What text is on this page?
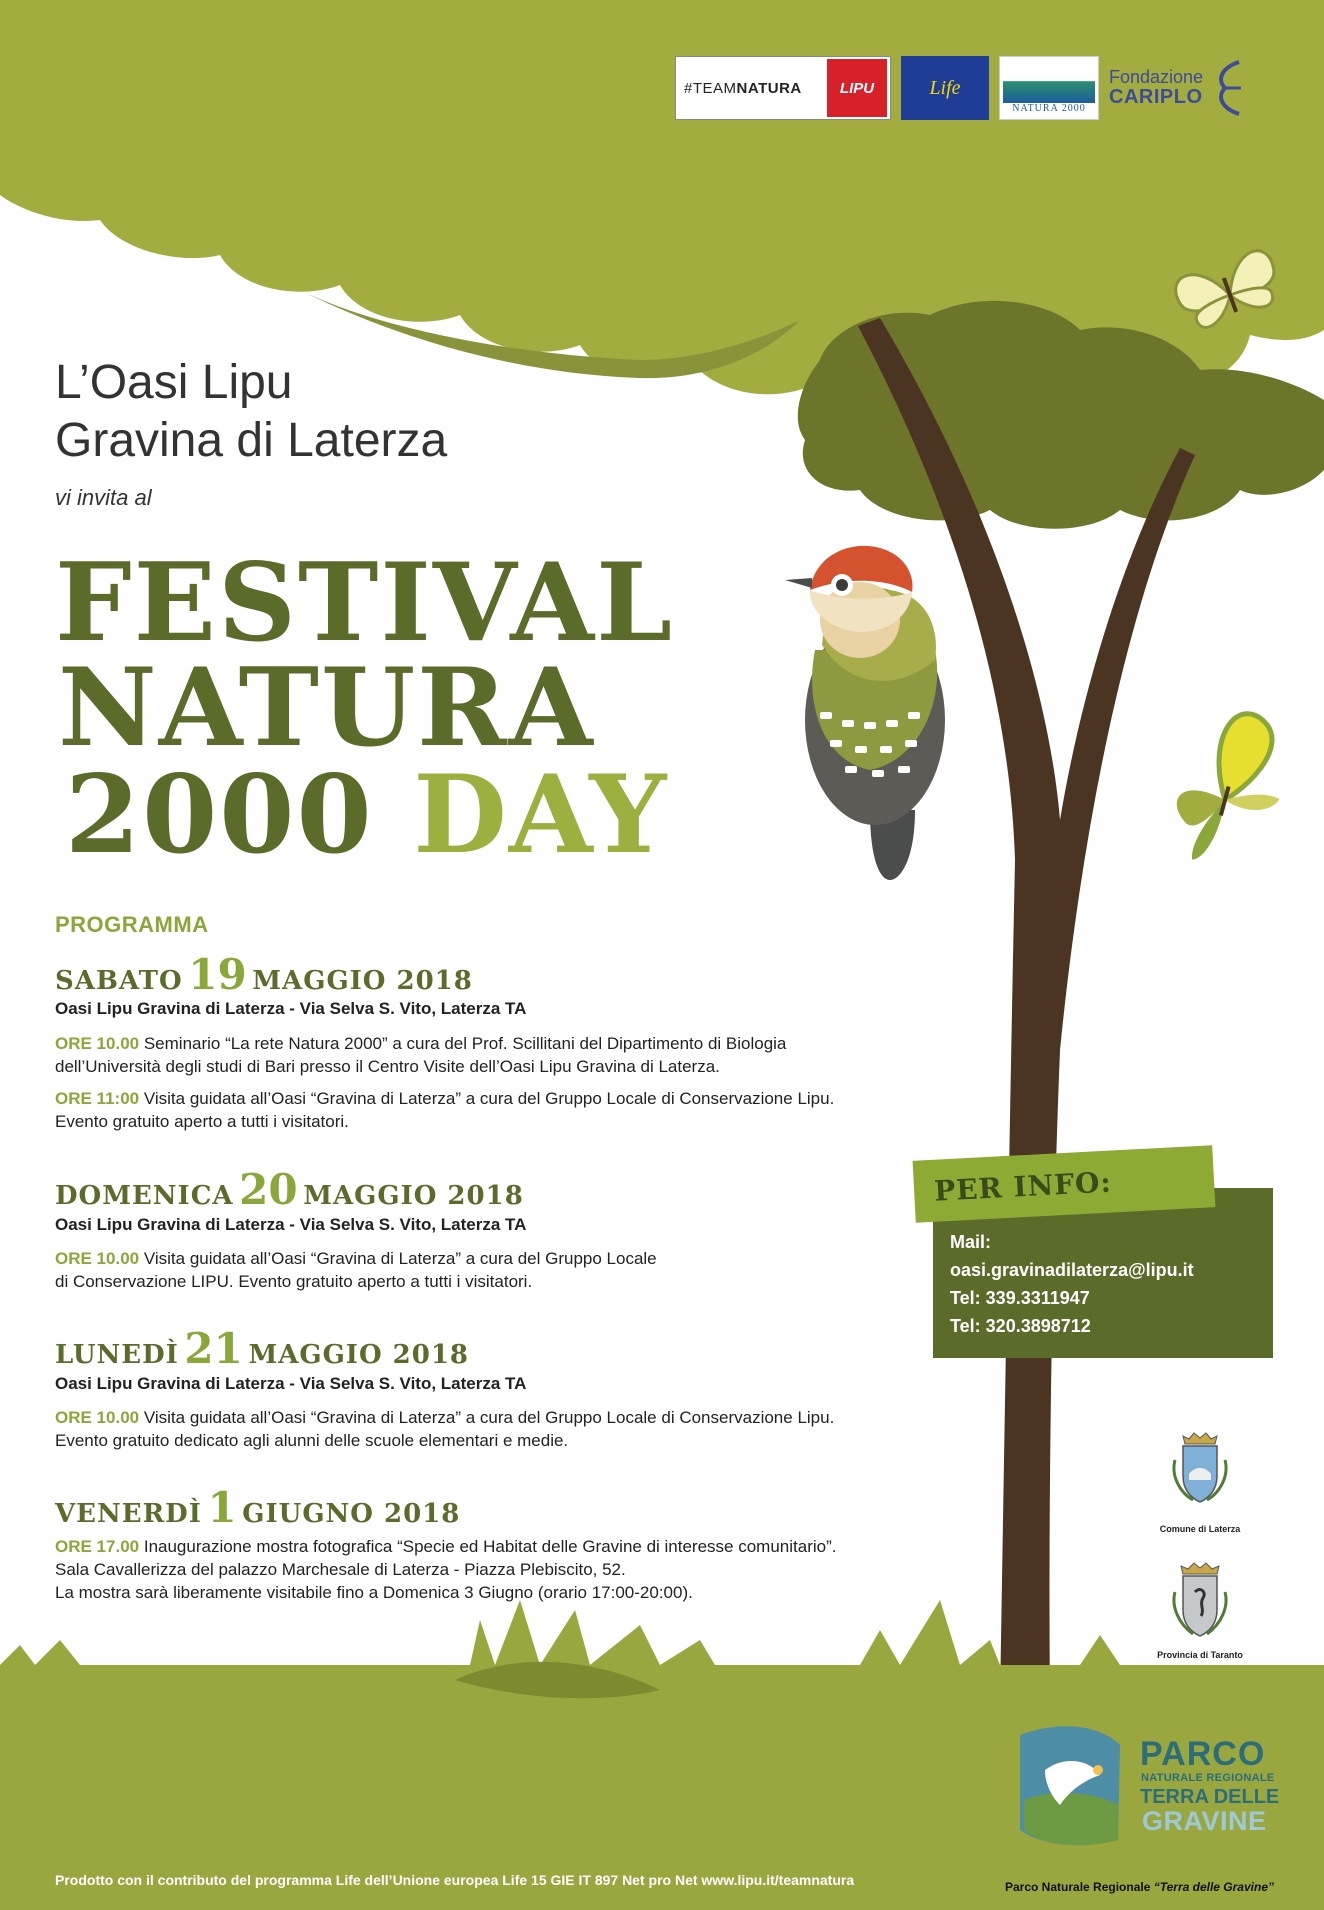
#TEAMNATURA	LIPU	Life
NATURA 2000
Fondazione
CARIPLO
L’Oasi Lipu
Gravina di Laterza
vi invita al
FESTIVAL
NATURA
2000 DAY
PROGRAMMA
SABATO 19 MAGGIO 2018
Oasi Lipu Gravina di Laterza - Via Selva S. Vito, Laterza TA
ORE 10.00 Seminario “La rete Natura 2000” a cura del Prof. Scillitani del Dipartimento di Biologia
dell’Università degli studi di Bari presso il Centro Visite dell’Oasi Lipu Gravina di Laterza.
ORE 11:00 Visita guidata all’Oasi “Gravina di Laterza” a cura del Gruppo Locale di Conservazione Lipu.
Evento gratuito aperto a tutti i visitatori.
DOMENICA 20 MAGGIO 2018
Oasi Lipu Gravina di Laterza - Via Selva S. Vito, Laterza TA
ORE 10.00 Visita guidata all’Oasi “Gravina di Laterza” a cura del Gruppo Locale
di Conservazione LIPU. Evento gratuito aperto a tutti i visitatori.
LUNEDÌ 21 MAGGIO 2018
Oasi Lipu Gravina di Laterza - Via Selva S. Vito, Laterza TA
ORE 10.00 Visita guidata all’Oasi “Gravina di Laterza” a cura del Gruppo Locale di Conservazione Lipu.
Evento gratuito dedicato agli alunni delle scuole elementari e medie.
VENERDÌ 1 GIUGNO 2018
ORE 17.00 Inaugurazione mostra fotografica “Specie ed Habitat delle Gravine di interesse comunitario”.
Sala Cavallerizza del palazzo Marchesale di Laterza - Piazza Plebiscito, 52.
La mostra sarà liberamente visitabile fino a Domenica 3 Giugno (orario 17:00-20:00).
PER INFO:
Mail:
oasi.gravinadilaterza@lipu.it
Tel: 339.3311947
Tel: 320.3898712
Comune di Laterza
Provincia di Taranto
PARCO
NATURALE REGIONALE
TERRA DELLE
GRAVINE
Parco Naturale Regionale “Terra delle Gravine”
Prodotto con il contributo del programma Life dell’Unione europea Life 15 GIE IT 897 Net pro Net www.lipu.it/teamnatura
